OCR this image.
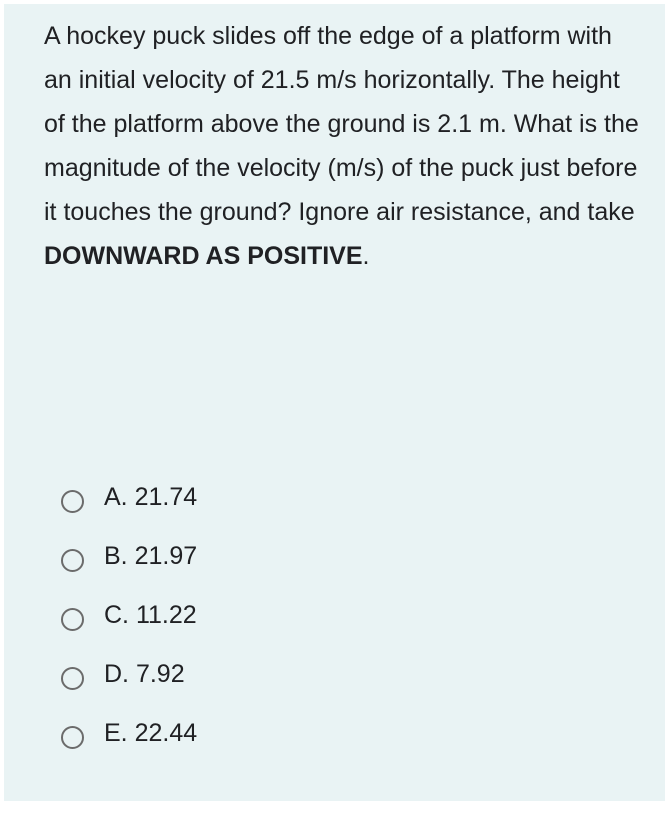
A hockey puck slides off the edge of a platform with an initial velocity of 21.5 m/s horizontally. The height of the platform above the ground is 2.1 m. What is the magnitude of the velocity (m/s) of the puck just before it touches the ground? Ignore air resistance, and take DOWNWARD AS POSITIVE.

A. 21.74
B. 21.97
C. 11.22
D. 7.92
E. 22.44
